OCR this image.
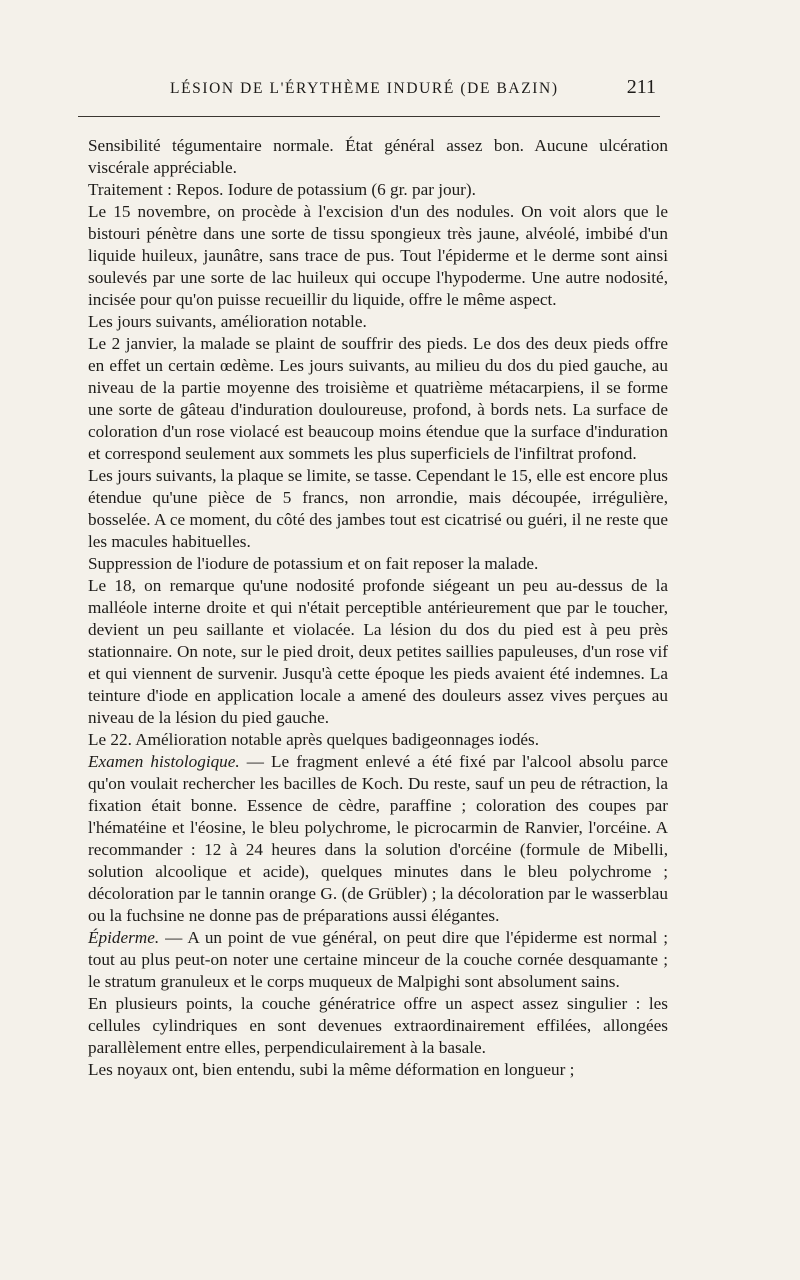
LÉSION DE L'ÉRYTHÈME INDURÉ (DE BAZIN)	211

Sensibilité tégumentaire normale. État général assez bon. Aucune ulcération viscérale appréciable.

Traitement : Repos. Iodure de potassium (6 gr. par jour).

Le 15 novembre, on procède à l'excision d'un des nodules. On voit alors que le bistouri pénètre dans une sorte de tissu spongieux très jaune, alvéolé, imbibé d'un liquide huileux, jaunâtre, sans trace de pus. Tout l'épiderme et le derme sont ainsi soulevés par une sorte de lac huileux qui occupe l'hypoderme. Une autre nodosité, incisée pour qu'on puisse recueillir du liquide, offre le même aspect.

Les jours suivants, amélioration notable.

Le 2 janvier, la malade se plaint de souffrir des pieds. Le dos des deux pieds offre en effet un certain œdème. Les jours suivants, au milieu du dos du pied gauche, au niveau de la partie moyenne des troisième et quatrième métacarpiens, il se forme une sorte de gâteau d'induration douloureuse, profond, à bords nets. La surface de coloration d'un rose violacé est beaucoup moins étendue que la surface d'induration et correspond seulement aux sommets les plus superficiels de l'infiltrat profond.

Les jours suivants, la plaque se limite, se tasse. Cependant le 15, elle est encore plus étendue qu'une pièce de 5 francs, non arrondie, mais découpée, irrégulière, bosselée. A ce moment, du côté des jambes tout est cicatrisé ou guéri, il ne reste que les macules habituelles.

Suppression de l'iodure de potassium et on fait reposer la malade.

Le 18, on remarque qu'une nodosité profonde siégeant un peu au-dessus de la malléole interne droite et qui n'était perceptible antérieurement que par le toucher, devient un peu saillante et violacée. La lésion du dos du pied est à peu près stationnaire. On note, sur le pied droit, deux petites saillies papuleuses, d'un rose vif et qui viennent de survenir. Jusqu'à cette époque les pieds avaient été indemnes. La teinture d'iode en application locale a amené des douleurs assez vives perçues au niveau de la lésion du pied gauche.

Le 22. Amélioration notable après quelques badigeonnages iodés.

Examen histologique. — Le fragment enlevé a été fixé par l'alcool absolu parce qu'on voulait rechercher les bacilles de Koch. Du reste, sauf un peu de rétraction, la fixation était bonne. Essence de cèdre, paraffine ; coloration des coupes par l'hématéine et l'éosine, le bleu polychrome, le picrocarmin de Ranvier, l'orcéine. A recommander : 12 à 24 heures dans la solution d'orcéine (formule de Mibelli, solution alcoolique et acide), quelques minutes dans le bleu polychrome ; décoloration par le tannin orange G. (de Grübler) ; la décoloration par le wasserblau ou la fuchsine ne donne pas de préparations aussi élégantes.

Épiderme. — A un point de vue général, on peut dire que l'épiderme est normal ; tout au plus peut-on noter une certaine minceur de la couche cornée desquamante ; le stratum granuleux et le corps muqueux de Malpighi sont absolument sains.

En plusieurs points, la couche génératrice offre un aspect assez singulier : les cellules cylindriques en sont devenues extraordinairement effilées, allongées parallèlement entre elles, perpendiculairement à la basale.

Les noyaux ont, bien entendu, subi la même déformation en longueur ;
